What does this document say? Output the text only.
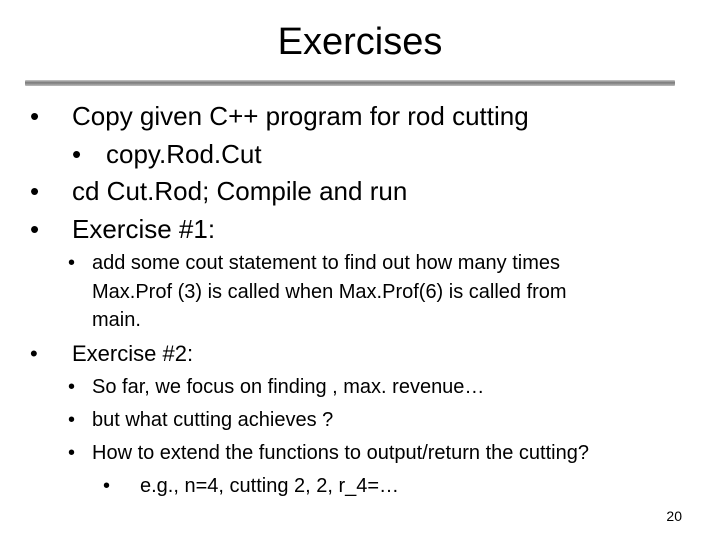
Exercises
• Copy given C++ program for rod cutting
• copy.Rod.Cut
• cd Cut.Rod; Compile and run
• Exercise #1:
• add some cout statement to find out how many times
Max.Prof (3) is called when Max.Prof(6) is called from
main.
• Exercise #2:
• So far, we focus on finding , max. revenue…
• but what cutting achieves ?
• How to extend the functions to output/return the cutting?
• e.g., n=4, cutting 2, 2, r_4=…
20
